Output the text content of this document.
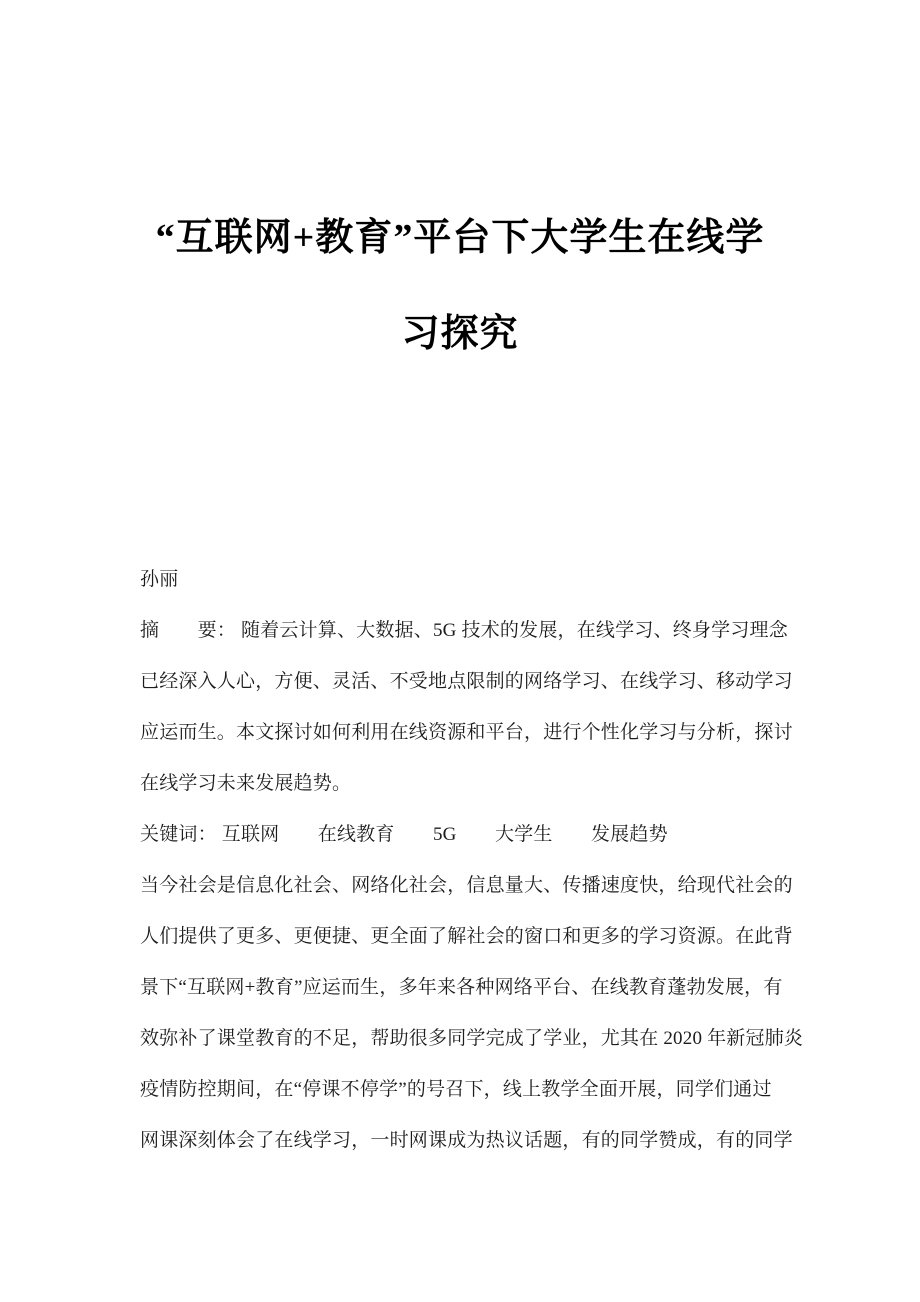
“互联网+教育”平台下大学生在线学
习探究
孙丽
摘　　要： 随着云计算、大数据、5G 技术的发展，在线学习、终身学习理念
已经深入人心，方便、灵活、不受地点限制的网络学习、在线学习、移动学习
应运而生。本文探讨如何利用在线资源和平台，进行个性化学习与分析，探讨
在线学习未来发展趋势。
关键词： 互联网　　在线教育　　5G　　大学生　　发展趋势
当今社会是信息化社会、网络化社会，信息量大、传播速度快，给现代社会的
人们提供了更多、更便捷、更全面了解社会的窗口和更多的学习资源。在此背
景下“互联网+教育”应运而生，多年来各种网络平台、在线教育蓬勃发展，有
效弥补了课堂教育的不足，帮助很多同学完成了学业，尤其在 2020 年新冠肺炎
疫情防控期间，在“停课不停学”的号召下，线上教学全面开展，同学们通过
网课深刻体会了在线学习，一时网课成为热议话题，有的同学赞成，有的同学
